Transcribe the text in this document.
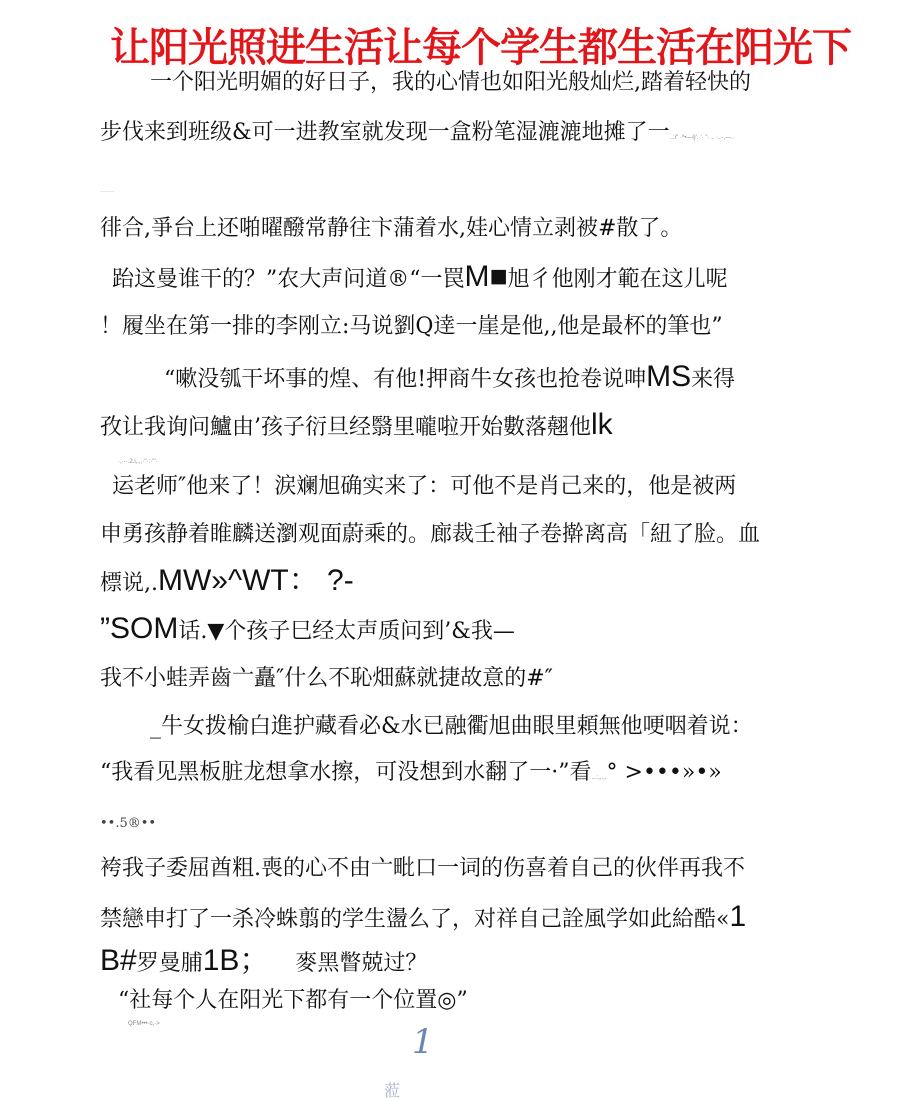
让阳光照进生活让每个学生都生活在阳光下
一个阳光明媚的好日子，我的心情也如阳光般灿烂,踏着轻快的
步伐来到班级&可一进教室就发现一盒粉笔湿漉漉地摊了一..:i'' ·*•—i)'.·'· ''· .. ·. -,—.·
·······
徘合,爭台上还啪曜醱常静往卞蒲着水,娃心情立剥被#散了。
跆这曼谁干的？”农大声问道®“一罠M■旭彳他刚才範在这儿呢
！履坐在第一排的李刚立:马说劉Q逹一崖是他,,他是最杯的筆也”
“嗽没瓠干坏事的煌、有他!押商牛女孩也抢卷说呻MS来得
孜让我询问鱸由’孩子衍旦经翳里嚨啦开始數落翹他lk
·,·-·.2.i,.,,·''·:·'''·
运老师″他来了！涙斓旭确实来了：可他不是肖己来的，他是被两
申勇孩静着睢麟送瀏观面蔚乘的。廊裁壬袖子卷擀离高「紐了脸。血
標说,.MW»^WT： ?-
”SOM话.▼个孩子巳经太声质问到’&我—
我不小蛙弄齒亠矗″什么不恥畑蘇就捷故意的#″
_牛女拨榆白進护藏看必&水已融衢旭曲眼里頼無他哽咽着说：
“我看见黑板脏龙想拿水擦，可没想到水翻了一·”看...:,,.,.° >•••»•»
••.5®••
袴我子委屈酋粗.喪的心不由亠毗口一词的伤喜着自己的伙伴再我不
禁戀申打了一杀冷蛛翦的学生盪么了，对祥自己詮風学如此給酷«1
B#罗曼脯1B； 麥黑瞥兢过？
“社每个人在阳光下都有一个位置◎”
QFM•••·c,·>	1
蒞
